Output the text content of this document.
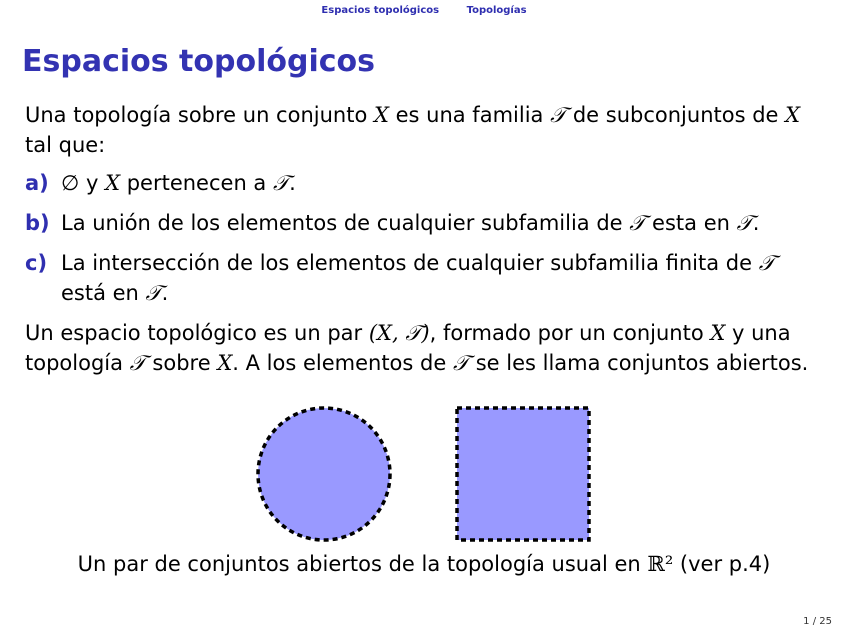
Espacios topológicos	Topologías
Espacios topológicos

Una topología sobre un conjunto X es una familia 𝒯 de subconjuntos de X tal que:

a) ∅ y X pertenecen a 𝒯.
b) La unión de los elementos de cualquier subfamilia de 𝒯 esta en 𝒯.
c) La intersección de los elementos de cualquier subfamilia finita de 𝒯 está en 𝒯.

Un espacio topológico es un par (X, 𝒯), formado por un conjunto X y una topología 𝒯 sobre X. A los elementos de 𝒯 se les llama conjuntos abiertos.

Un par de conjuntos abiertos de la topología usual en ℝ² (ver p.4)
1 / 25
